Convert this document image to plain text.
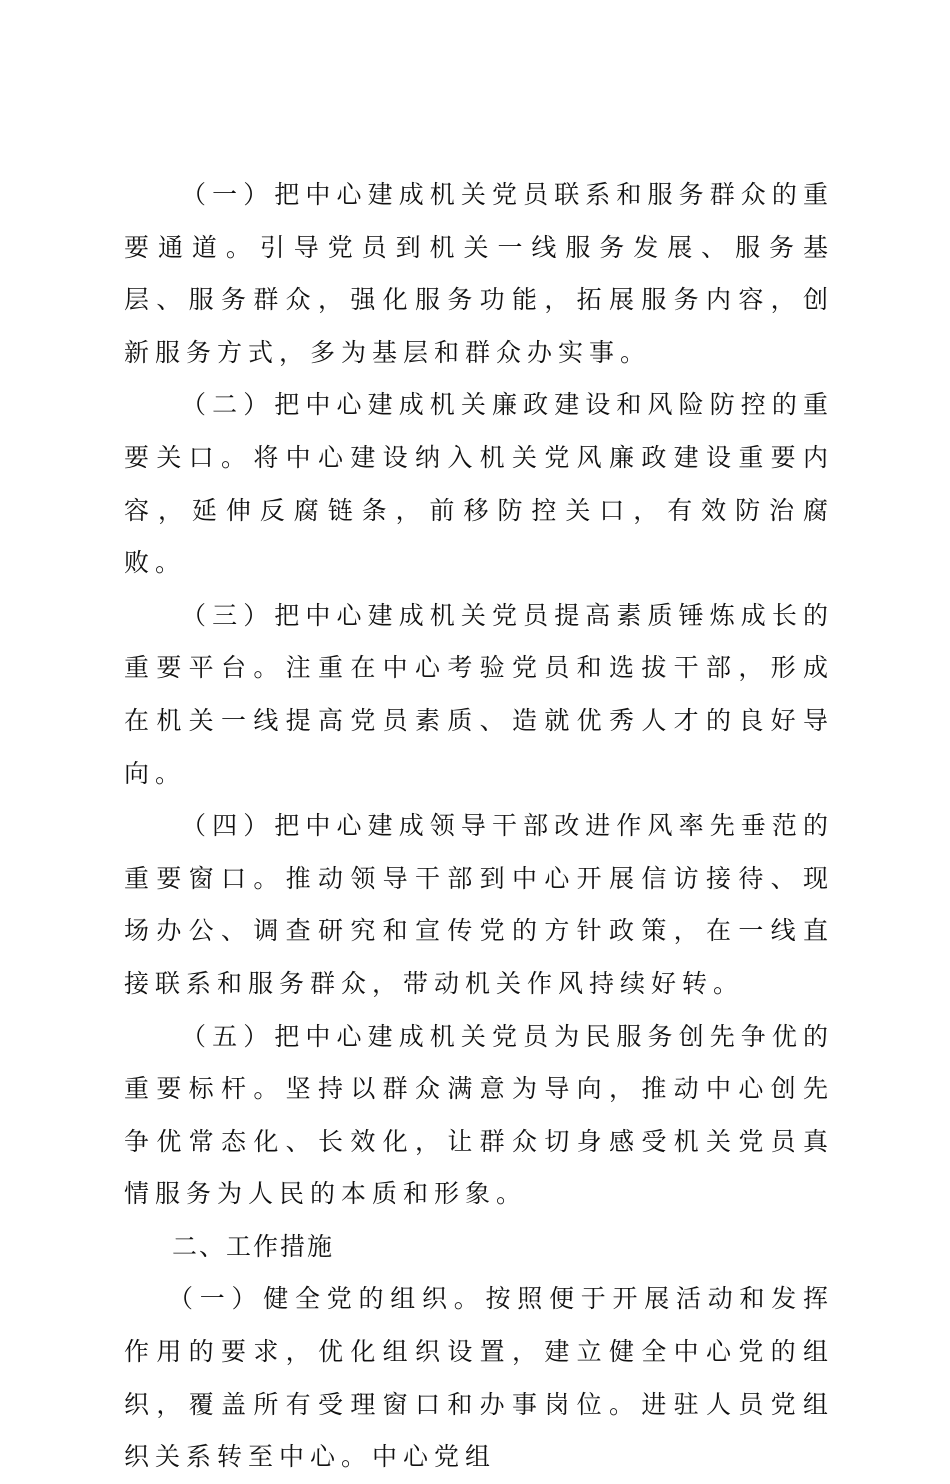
（一）把中心建成机关党员联系和服务群众的重要通道。引导党员到机关一线服务发展、服务基层、服务群众，强化服务功能，拓展服务内容，创新服务方式，多为基层和群众办实事。

（二）把中心建成机关廉政建设和风险防控的重要关口。将中心建设纳入机关党风廉政建设重要内容，延伸反腐链条，前移防控关口，有效防治腐败。

（三）把中心建成机关党员提高素质锤炼成长的重要平台。注重在中心考验党员和选拔干部，形成在机关一线提高党员素质、造就优秀人才的良好导向。

（四）把中心建成领导干部改进作风率先垂范的重要窗口。推动领导干部到中心开展信访接待、现场办公、调查研究和宣传党的方针政策，在一线直接联系和服务群众，带动机关作风持续好转。

（五）把中心建成机关党员为民服务创先争优的重要标杆。坚持以群众满意为导向，推动中心创先争优常态化、长效化，让群众切身感受机关党员真情服务为人民的本质和形象。

二、工作措施

（一）健全党的组织。按照便于开展活动和发挥作用的要求，优化组织设置，建立健全中心党的组织，覆盖所有受理窗口和办事岗位。进驻人员党组织关系转至中心。中心党组
